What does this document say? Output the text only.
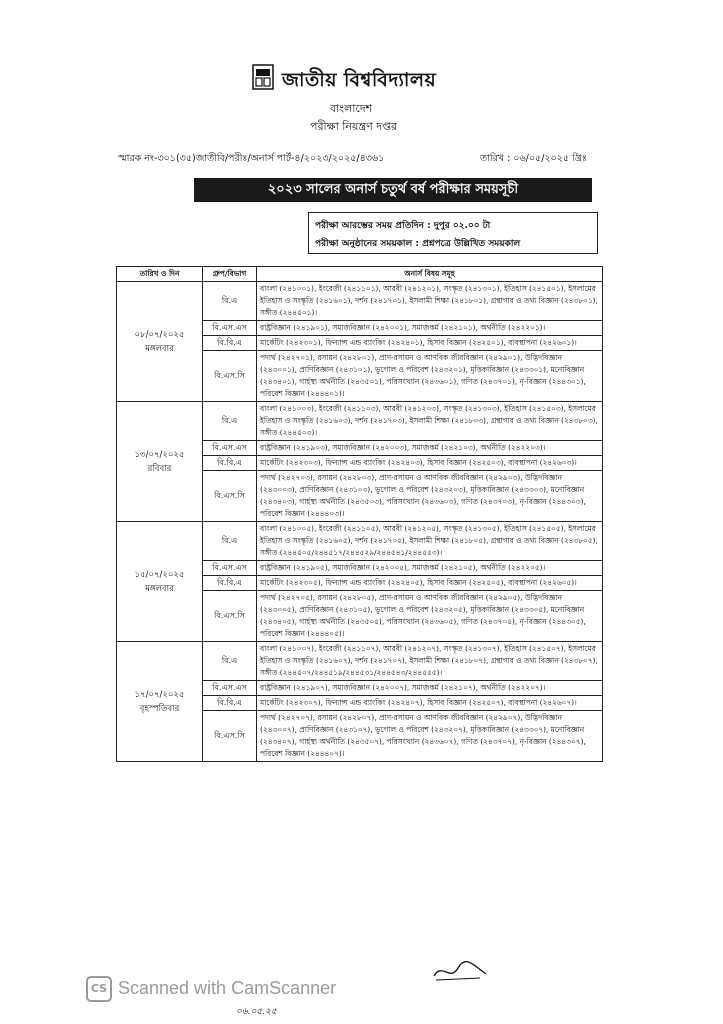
জাতীয় বিশ্ববিদ্যালয়
বাংলাদেশ
পরীক্ষা নিয়ন্ত্রণ দপ্তর
স্মারক নং-৩০১(৩৫)জাতীবি/পরীঃ/অনার্স পার্ট-৪/২০২৩/২০২৫/৪৩৬১	তারিখ : ০৬/০৫/২০২৫ খ্রিঃ
২০২৩ সালের অনার্স চতুর্থ বর্ষ পরীক্ষার সময়সূচী
পরীক্ষা আরম্ভের সময় প্রতিদিন : দুপুর ০২.০০ টা
পরীক্ষা অনুষ্ঠানের সময়কাল : প্রশ্নপত্রে উল্লিখিত সময়কাল
তারিখ ও দিন	গ্রুপ/বিভাগ	অনার্স বিষয় সমূহ

০৮/০৭/২০২৫
মঙ্গলবার	বি.এ	বাংলা (২৪১০০১), ইংরেজী (২৪১১০১), আরবী (২৪১২০১), সংস্কৃত (২৪১৩০১), ইতিহাস (২৪১৫০১), ইসলামের ইতিহাস ও সংস্কৃতি (২৪১৬০১), দর্শন (২৪১৭০১), ইসলামী শিক্ষা (২৪১৮০১), গ্রন্থাগার ও তথ্য বিজ্ঞান (২৪৩৮০১), সঙ্গীত (২৪৪৫০১)।
	বি.এস.এস	রাষ্ট্রবিজ্ঞান (২৪১৯০১), সমাজবিজ্ঞান (২৪২০০১), সমাজকর্ম (২৪২১০১), অর্থনীতি (২৪২২০১)।
	বি.বি.এ	মার্কেটিং (২৪২৩০১), ফিন্যান্স এন্ড ব্যাংকিং (২৪২৪০১), হিসাব বিজ্ঞান (২৪২৫০১), ব্যবস্থাপনা (২৪২৬০১)।
	বি.এস.সি	পদার্থ (২৪২৭০১), রসায়ন (২৪২৮০১), প্রাণ-রসায়ন ও আণবিক জীববিজ্ঞান (২৪২৯০১), উদ্ভিদবিজ্ঞান (২৪৩০০১), প্রাণিবিজ্ঞান (২৪৩১০১), ভূগোল ও পরিবেশ (২৪৩২০১), মৃত্তিকাবিজ্ঞান (২৪৩৩০১), মনোবিজ্ঞান (২৪৩৪০১), গার্হস্থ্য অর্থনীতি (২৪৩৫০১), পরিসংখ্যান (২৪৩৬০১), গণিত (২৪৩৭০১), নৃ-বিজ্ঞান (২৪৪৩০১), পরিবেশ বিজ্ঞান (২৪৪৪০১)।

১৩/০৭/২০২৫
রবিবার	বি.এ	বাংলা (২৪১০০৩), ইংরেজী (২৪১১০৩), আরবী (২৪১২০৩), সংস্কৃত (২৪১৩০৩), ইতিহাস (২৪১৫০৩), ইসলামের ইতিহাস ও সংস্কৃতি (২৪১৬০৩), দর্শন (২৪১৭০৩), ইসলামী শিক্ষা (২৪১৮০৩), গ্রন্থাগার ও তথ্য বিজ্ঞান (২৪৩৮০৩), সঙ্গীত (২৪৪৫০৩)।
	বি.এস.এস	রাষ্ট্রবিজ্ঞান (২৪১৯০৩), সমাজবিজ্ঞান (২৪২০০৩), সমাজকর্ম (২৪২১০৩), অর্থনীতি (২৪২২০৩)।
	বি.বি.এ	মার্কেটিং (২৪২৩০৩), ফিন্যান্স এন্ড ব্যাংকিং (২৪২৪০৩), হিসাব বিজ্ঞান (২৪২৫০৩), ব্যবস্থাপনা (২৪২৬০৩)।
	বি.এস.সি	পদার্থ (২৪২৭০৩), রসায়ন (২৪২৮০৩), প্রাণ-রসায়ন ও আণবিক জীববিজ্ঞান (২৪২৯০৩), উদ্ভিদবিজ্ঞান (২৪৩০০৩), প্রাণিবিজ্ঞান (২৪৩১০৩), ভূগোল ও পরিবেশ (২৪৩২০৩), মৃত্তিকাবিজ্ঞান (২৪৩৩০৩), মনোবিজ্ঞান (২৪৩৪০৩), গার্হস্থ্য অর্থনীতি (২৪৩৫০৩), পরিসংখ্যান (২৪৩৬০৩), গণিত (২৪৩৭০৩), নৃ-বিজ্ঞান (২৪৪৩০৩), পরিবেশ বিজ্ঞান (২৪৪৪০৩)।

১৫/০৭/২০২৫
মঙ্গলবার	বি.এ	বাংলা (২৪১০০৫), ইংরেজী (২৪১১০৫), আরবী (২৪১২০৫), সংস্কৃত (২৪১৩০৫), ইতিহাস (২৪১৫০৫), ইসলামের ইতিহাস ও সংস্কৃতি (২৪১৬০৫), দর্শন (২৪১৭০৫), ইসলামী শিক্ষা (২৪১৮০৫), গ্রন্থাগার ও তথ্য বিজ্ঞান (২৪৩৮০৫), সঙ্গীত (২৪৪৫০৫/২৪৪৫১৭/২৪৪৫২৯/২৪৪৫৪১/২৪৪৫৫৩)।
	বি.এস.এস	রাষ্ট্রবিজ্ঞান (২৪১৯০৫), সমাজবিজ্ঞান (২৪২০০৫), সমাজকর্ম (২৪২১০৫), অর্থনীতি (২৪২২০৫)।
	বি.বি.এ	মার্কেটিং (২৪২৩০৫), ফিন্যান্স এন্ড ব্যাংকিং (২৪২৪০৫), হিসাব বিজ্ঞান (২৪২৫০৫), ব্যবস্থাপনা (২৪২৬০৫)।
	বি.এস.সি	পদার্থ (২৪২৭০৫), রসায়ন (২৪২৮০৫), প্রাণ-রসায়ন ও আণবিক জীববিজ্ঞান (২৪২৯০৫), উদ্ভিদবিজ্ঞান (২৪৩০০৫), প্রাণিবিজ্ঞান (২৪৩১০৫), ভূগোল ও পরিবেশ (২৪৩২০৫), মৃত্তিকাবিজ্ঞান (২৪৩৩০৫), মনোবিজ্ঞান (২৪৩৪০৫), গার্হস্থ্য অর্থনীতি (২৪৩৫০৫), পরিসংখ্যান (২৪৩৬০৫), গণিত (২৪৩৭০৫), নৃ-বিজ্ঞান (২৪৪৩০৫), পরিবেশ বিজ্ঞান (২৪৪৪০৫)।

১৭/০৭/২০২৫
বৃহস্পতিবার	বি.এ	বাংলা (২৪১০০৭), ইংরেজী (২৪১১০৭), আরবী (২৪১২০৭), সংস্কৃত (২৪১৩০৭), ইতিহাস (২৪১৫০৭), ইসলামের ইতিহাস ও সংস্কৃতি (২৪১৬০৭), দর্শন (২৪১৭০৭), ইসলামী শিক্ষা (২৪১৮০৭), গ্রন্থাগার ও তথ্য বিজ্ঞান (২৪৩৮০৭), সঙ্গীত (২৪৪৫০৭/২৪৪৫১৯/২৪৪৫৩১/২৪৪৫৪৩/২৪৪৫৫৫)।
	বি.এস.এস	রাষ্ট্রবিজ্ঞান (২৪১৯০৭), সমাজবিজ্ঞান (২৪২০০৭), সমাজকর্ম (২৪২১০৭), অর্থনীতি (২৪২২০৭)।
	বি.বি.এ	মার্কেটিং (২৪২৩০৭), ফিন্যান্স এন্ড ব্যাংকিং (২৪২৪০৭), হিসাব বিজ্ঞান (২৪২৫০৭), ব্যবস্থাপনা (২৪২৬০৭)।
	বি.এস.সি	পদার্থ (২৪২৭০৭), রসায়ন (২৪২৮০৭), প্রাণ-রসায়ন ও আণবিক জীববিজ্ঞান (২৪২৯০৭), উদ্ভিদবিজ্ঞান (২৪৩০০৭), প্রাণিবিজ্ঞান (২৪৩১০৭), ভূগোল ও পরিবেশ (২৪৩২০৭), মৃত্তিকাবিজ্ঞান (২৪৩৩০৭), মনোবিজ্ঞান (২৪৩৪০৭), গার্হস্থ্য অর্থনীতি (২৪৩৫০৭), পরিসংখ্যান (২৪৩৬০৭), গণিত (২৪৩৭০৭), নৃ-বিজ্ঞান (২৪৪৩০৭), পরিবেশ বিজ্ঞান (২৪৪৪০৭)।
CS Scanned with CamScanner
০৬.০৫.২৫
